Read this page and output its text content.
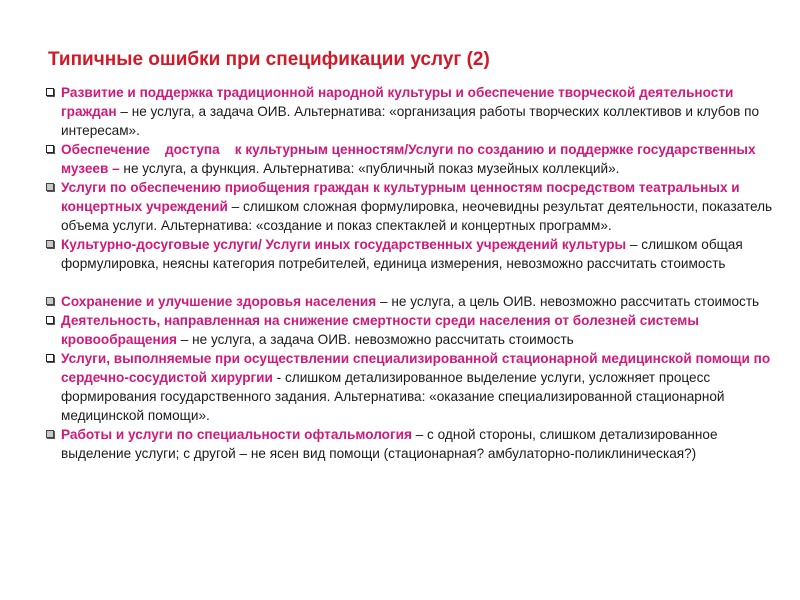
Типичные ошибки при спецификации услуг (2)
Развитие и поддержка традиционной народной культуры и обеспечение творческой деятельности граждан – не услуга, а задача ОИВ. Альтернатива: «организация работы творческих коллективов и клубов по интересам».
Обеспечение    доступа    к культурным ценностям/Услуги по созданию и поддержке государственных музеев – не услуга, а функция. Альтернатива: «публичный показ музейных коллекций».
Услуги по обеспечению приобщения граждан к культурным ценностям посредством театральных и концертных учреждений – слишком сложная формулировка, неочевидны результат деятельности, показатель объема услуги. Альтернатива: «создание и показ спектаклей и концертных программ».
Культурно-досуговые услуги/ Услуги иных государственных учреждений культуры – слишком общая формулировка, неясны категория потребителей, единица измерения, невозможно рассчитать стоимость
Сохранение и улучшение здоровья населения – не услуга, а цель ОИВ. невозможно рассчитать стоимость
Деятельность, направленная на снижение смертности среди населения от болезней системы кровообращения – не услуга, а задача ОИВ. невозможно рассчитать стоимость
Услуги, выполняемые при осуществлении специализированной стационарной медицинской помощи по сердечно-сосудистой хирургии - слишком детализированное выделение услуги, усложняет процесс формирования государственного задания. Альтернатива: «оказание специализированной стационарной медицинской помощи».
Работы и услуги по специальности офтальмология – с одной стороны, слишком детализированное выделение услуги; с другой – не ясен вид помощи (стационарная? амбулаторно-поликлиническая?)
